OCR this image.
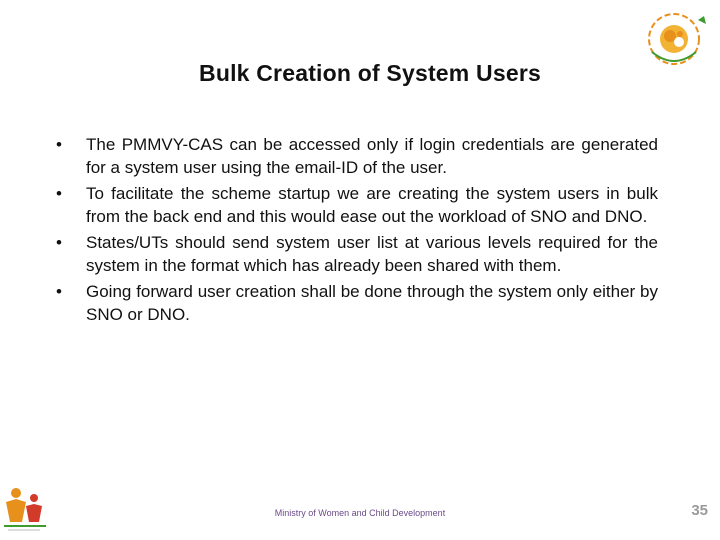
Bulk Creation of System Users
•	The PMMVY-CAS can be accessed only if login credentials are generated for a system user using the email-ID of the user.
•	To facilitate the scheme startup we are creating the system users in bulk from the back end and this would ease out the workload of SNO and DNO.
•	States/UTs should send system user list at various levels required for the system in the format which has already been shared with them.
•	Going forward user creation shall be done through the system only either by SNO or DNO.
Ministry of Women and Child Development	35
